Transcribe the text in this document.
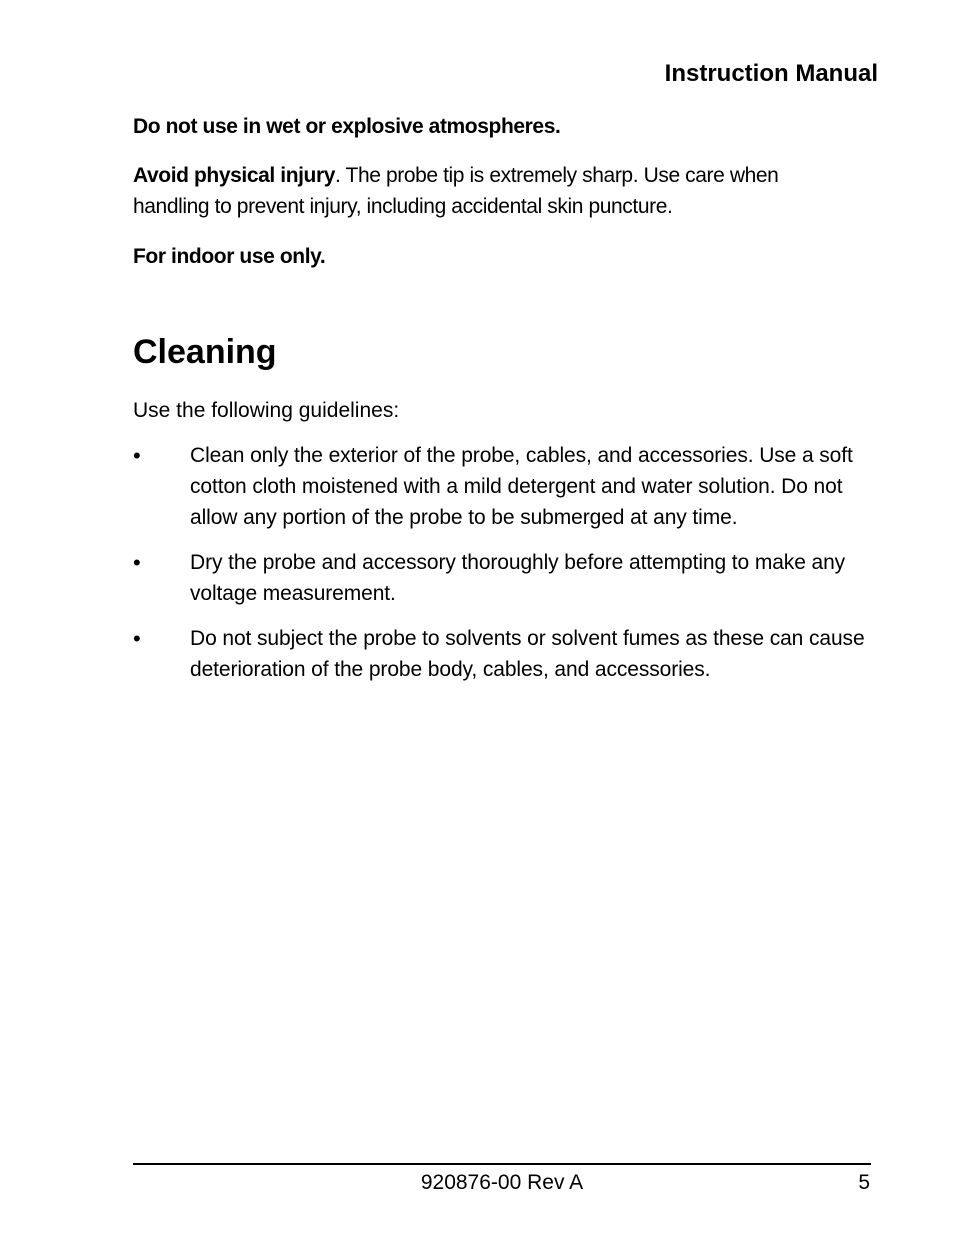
Instruction Manual

Do not use in wet or explosive atmospheres.

Avoid physical injury. The probe tip is extremely sharp. Use care when handling to prevent injury, including accidental skin puncture.

For indoor use only.

Cleaning
Use the following guidelines:
•	Clean only the exterior of the probe, cables, and accessories. Use a soft cotton cloth moistened with a mild detergent and water solution. Do not allow any portion of the probe to be submerged at any time.
•	Dry the probe and accessory thoroughly before attempting to make any voltage measurement.
•	Do not subject the probe to solvents or solvent fumes as these can cause deterioration of the probe body, cables, and accessories.
920876-00 Rev A	5
